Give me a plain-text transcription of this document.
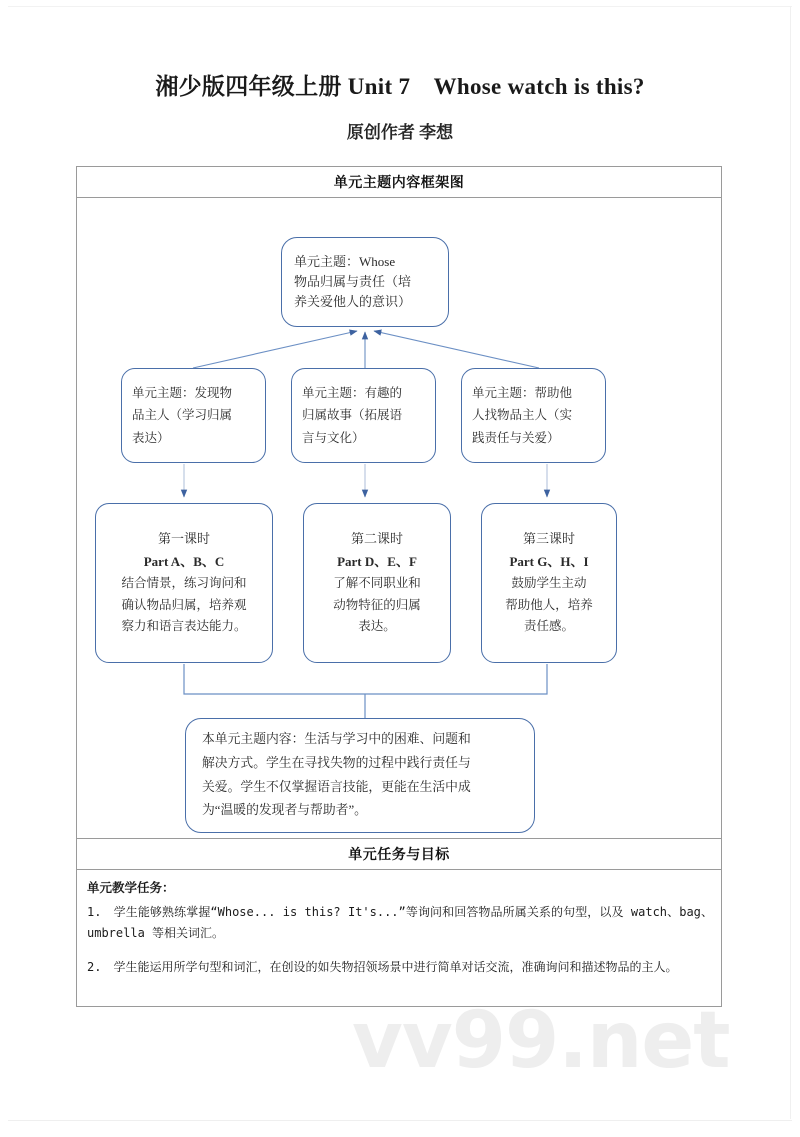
湘少版四年级上册 Unit 7　Whose watch is this?
原创作者 李想
单元主题内容框架图
单元主题：Whose
物品归属与责任（培
养关爱他人的意识）
单元主题：发现物
品主人（学习归属
表达）
单元主题：有趣的
归属故事（拓展语
言与文化）
单元主题：帮助他
人找物品主人（实
践责任与关爱）
第一课时
Part A、B、C
结合情景，练习询问和
确认物品归属，培养观
察力和语言表达能力。
第二课时
Part D、E、F
了解不同职业和
动物特征的归属
表达。
第三课时
Part G、H、I
鼓励学生主动
帮助他人，培养
责任感。
本单元主题内容：生活与学习中的困难、问题和
解决方式。学生在寻找失物的过程中践行责任与
关爱。学生不仅掌握语言技能，更能在生活中成
为“温暖的发现者与帮助者”。
单元任务与目标
单元教学任务：

1.　学生能够熟练掌握“Whose... is this? It's...”等询问和回答物品所属关系的句型，以及 watch、bag、umbrella 等相关词汇。

2.　学生能运用所学句型和词汇，在创设的如失物招领场景中进行简单对话交流，准确询问和描述物品的主人。

vv99.net
